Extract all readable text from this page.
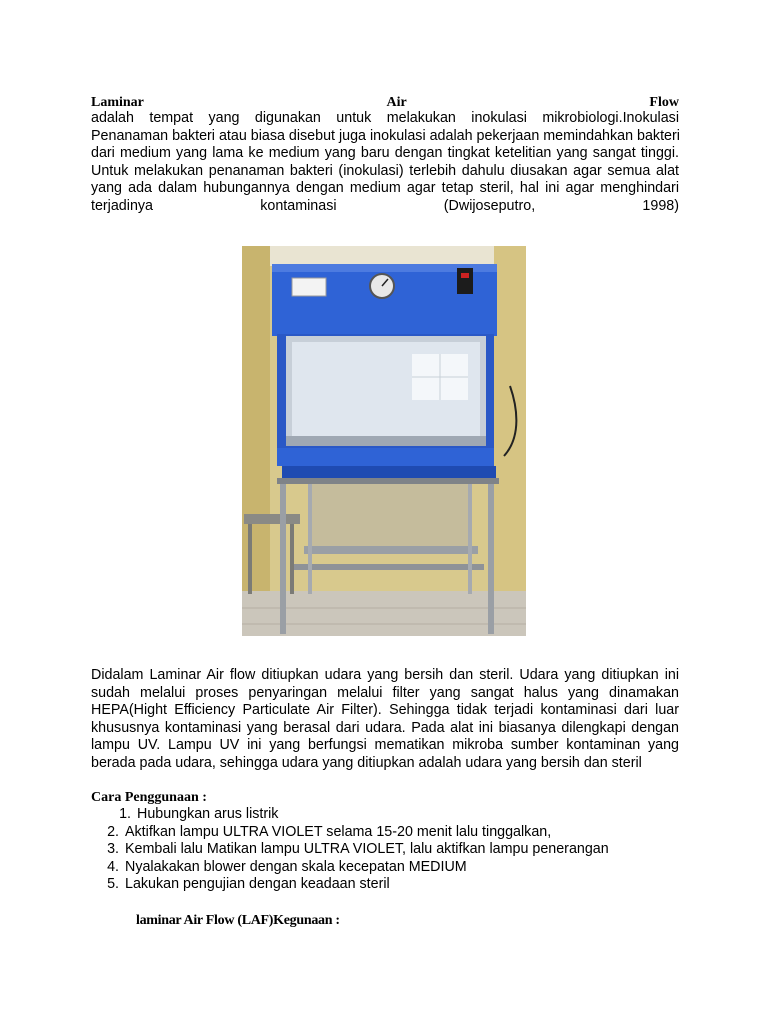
Laminar	Air	Flow

adalah tempat yang digunakan untuk melakukan inokulasi mikrobiologi.Inokulasi
Penanaman bakteri atau biasa disebut juga inokulasi adalah pekerjaan memindahkan bakteri
dari medium yang lama ke medium yang baru dengan tingkat ketelitian yang sangat tinggi.
Untuk melakukan penanaman bakteri (inokulasi) terlebih dahulu diusakan agar semua alat
yang ada dalam hubungannya dengan medium agar tetap steril, hal ini agar menghindari
terjadinya kontaminasi (Dwijoseputro, 1998)

Didalam Laminar Air flow ditiupkan udara yang bersih dan steril. Udara yang ditiupkan ini
sudah melalui proses penyaringan melalui filter yang sangat halus yang dinamakan
HEPA(Hight Efficiency Particulate Air Filter). Sehingga tidak terjadi kontaminasi dari luar
khususnya kontaminasi yang berasal dari udara. Pada alat ini biasanya dilengkapi dengan
lampu UV. Lampu UV ini yang berfungsi mematikan mikroba sumber kontaminan yang
berada pada udara, sehingga udara yang ditiupkan adalah udara yang bersih dan steril

Cara Penggunaan :
1. Hubungkan arus listrik
2. Aktifkan lampu ULTRA VIOLET selama 15-20 menit lalu tinggalkan,
3. Kembali lalu Matikan lampu ULTRA VIOLET, lalu aktifkan lampu penerangan
4. Nyalakakan blower dengan skala kecepatan MEDIUM
5. Lakukan pengujian dengan keadaan steril
laminar Air Flow (LAF)Kegunaan :
